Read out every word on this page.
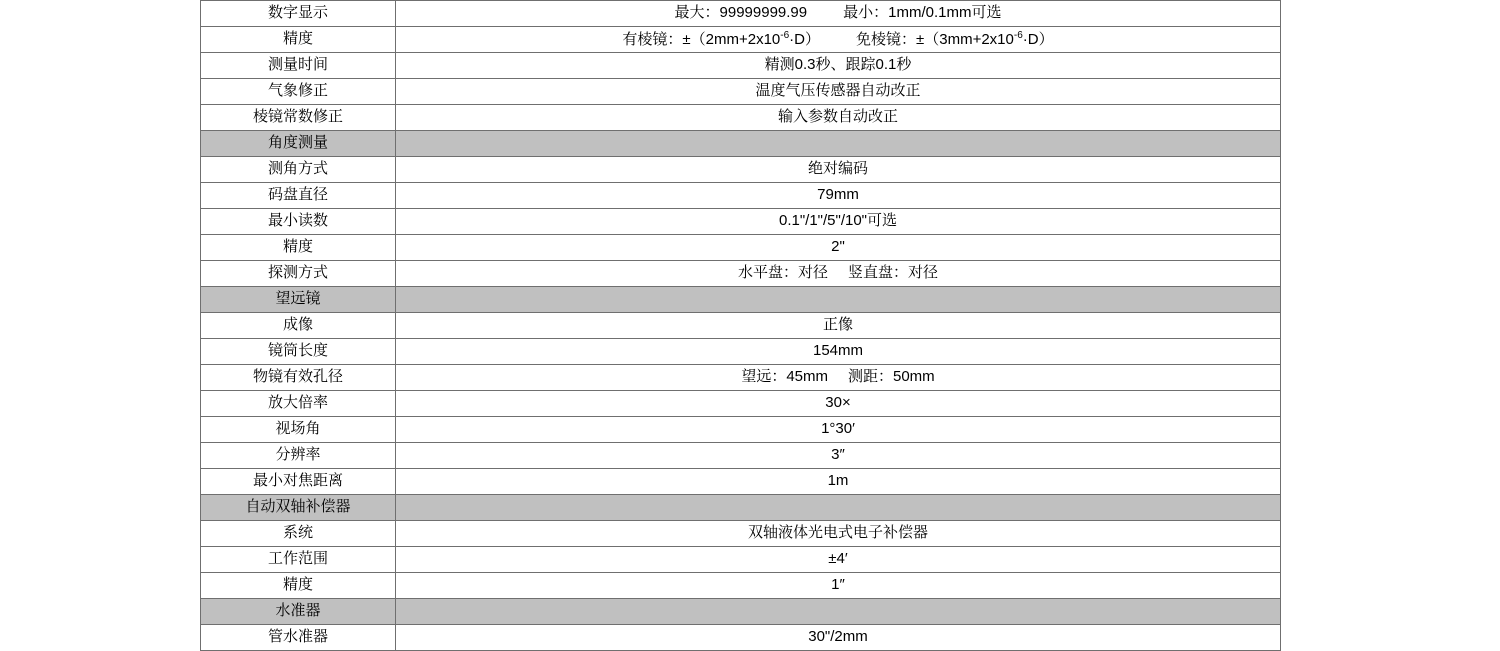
数字显示	最大：99999999.99 最小：1mm/0.1mm可选
精度	有棱镜：$\pm(2mm+2x10^{-6}\cdot D)$ 免棱镜：$\pm(3mm+2x10^{-6}\cdot D)$
测量时间	精测0.3秒、跟踪0.1秒
气象修正	温度气压传感器自动改正
棱镜常数修正	输入参数自动改正
角度测量	
测角方式	绝对编码
码盘直径	79mm
最小读数	0.1"/1"/5"/10"可选
精度	2"
探测方式	水平盘：对径 竖直盘：对径
望远镜	
成像	正像
镜筒长度	154mm
物镜有效孔径	望远：45mm 测距：50mm
放大倍率	30×
视场角	1°30′
分辨率	3″
最小对焦距离	1m
自动双轴补偿器	
系统	双轴液体光电式电子补偿器
工作范围	±4′
精度	1″
水准器	
管水准器	30"/2mm
